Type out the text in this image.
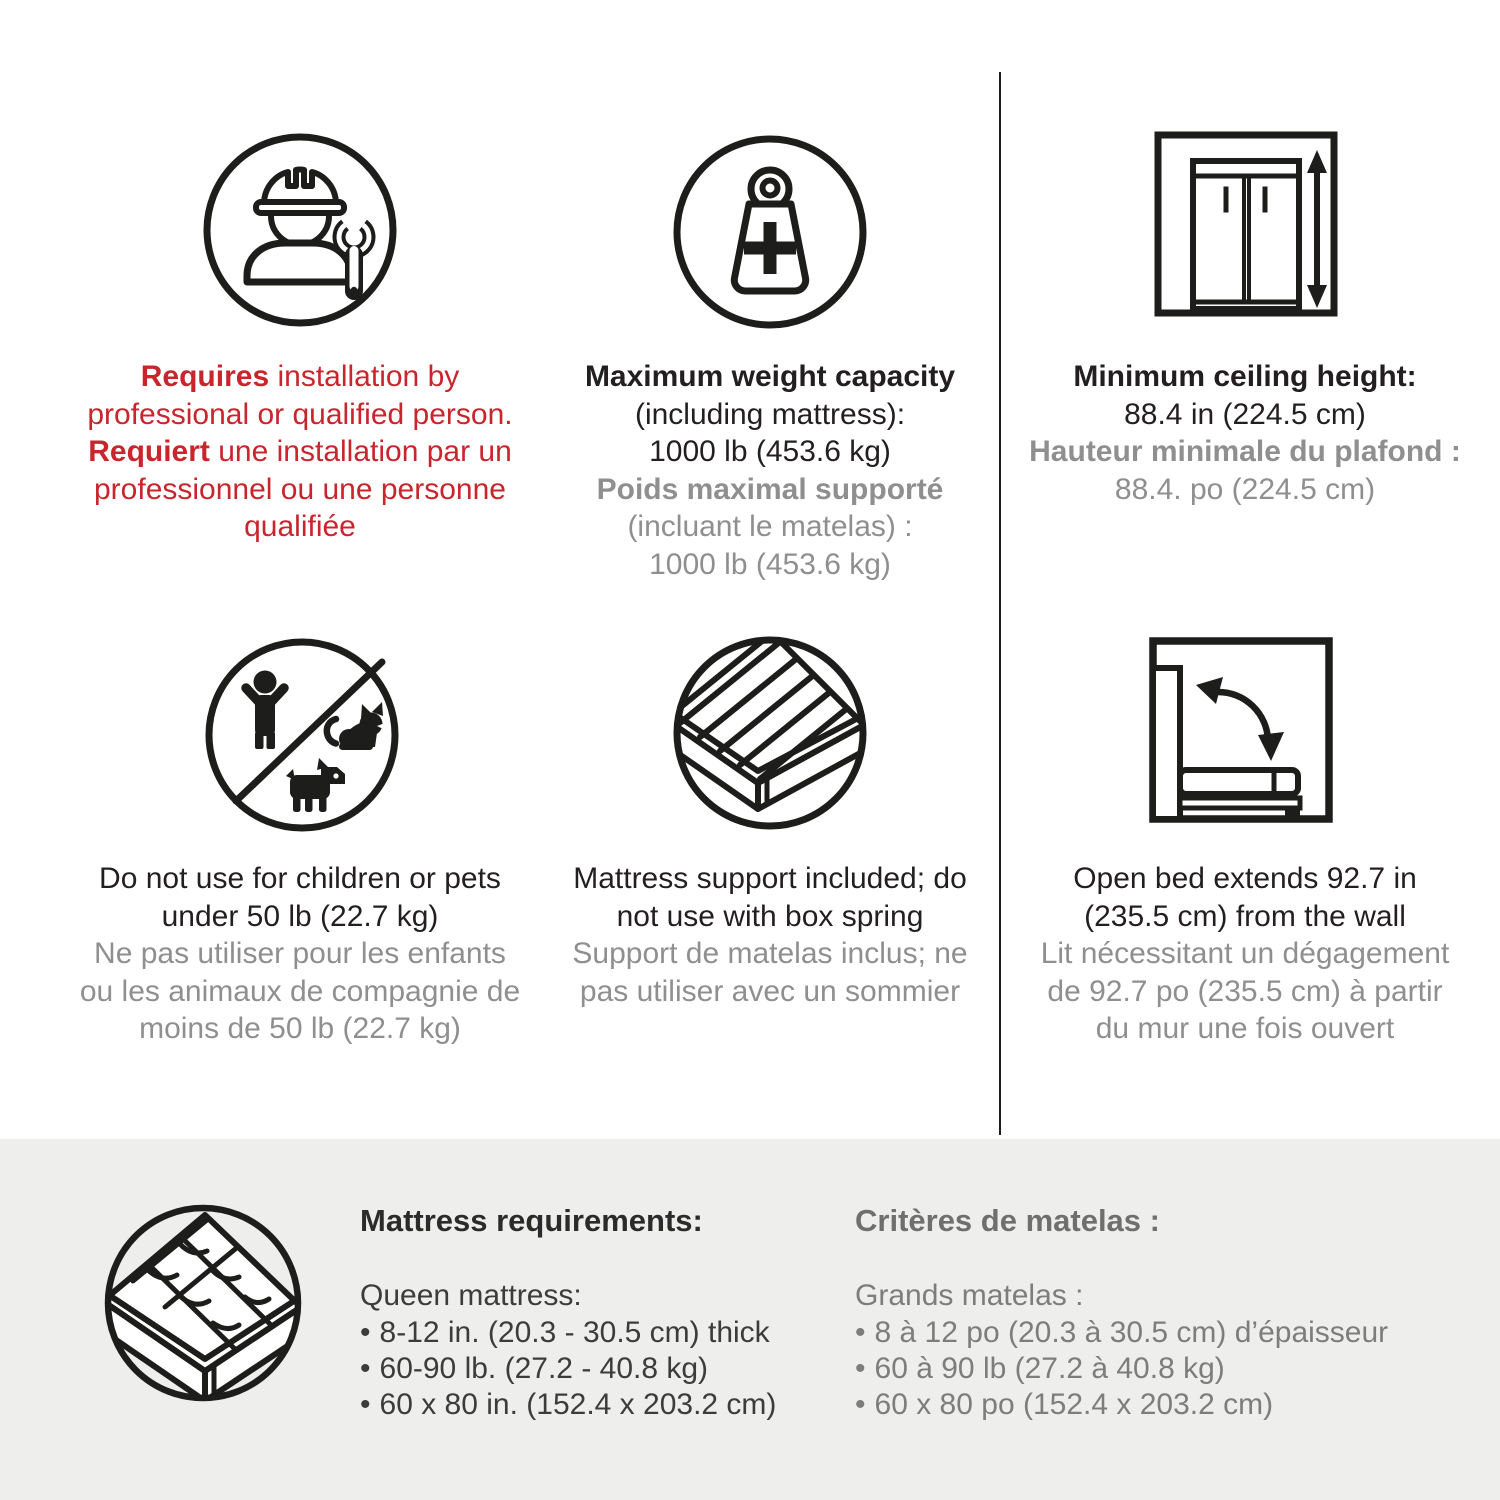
Requires installation by
professional or qualified person.
Requiert une installation par un
professionnel ou une personne
qualifiée
Maximum weight capacity
(including mattress):
1000 lb (453.6 kg)
Poids maximal supporté
(incluant le matelas) :
1000 lb (453.6 kg)
Minimum ceiling height:
88.4 in (224.5 cm)
Hauteur minimale du plafond :
88.4. po (224.5 cm)
Do not use for children or pets
under 50 lb (22.7 kg)
Ne pas utiliser pour les enfants
ou les animaux de compagnie de
moins de 50 lb (22.7 kg)
Mattress support included; do
not use with box spring
Support de matelas inclus; ne
pas utiliser avec un sommier
Open bed extends 92.7 in
(235.5 cm) from the wall
Lit nécessitant un dégagement
de 92.7 po (235.5 cm) à partir
du mur une fois ouvert
Mattress requirements:
Queen mattress:
• 8-12 in. (20.3 - 30.5 cm) thick
• 60-90 lb. (27.2 - 40.8 kg)
• 60 x 80 in. (152.4 x 203.2 cm)
Critères de matelas :
Grands matelas :
• 8 à 12 po (20.3 à 30.5 cm) d’épaisseur
• 60 à 90 lb (27.2 à 40.8 kg)
• 60 x 80 po (152.4 x 203.2 cm)
